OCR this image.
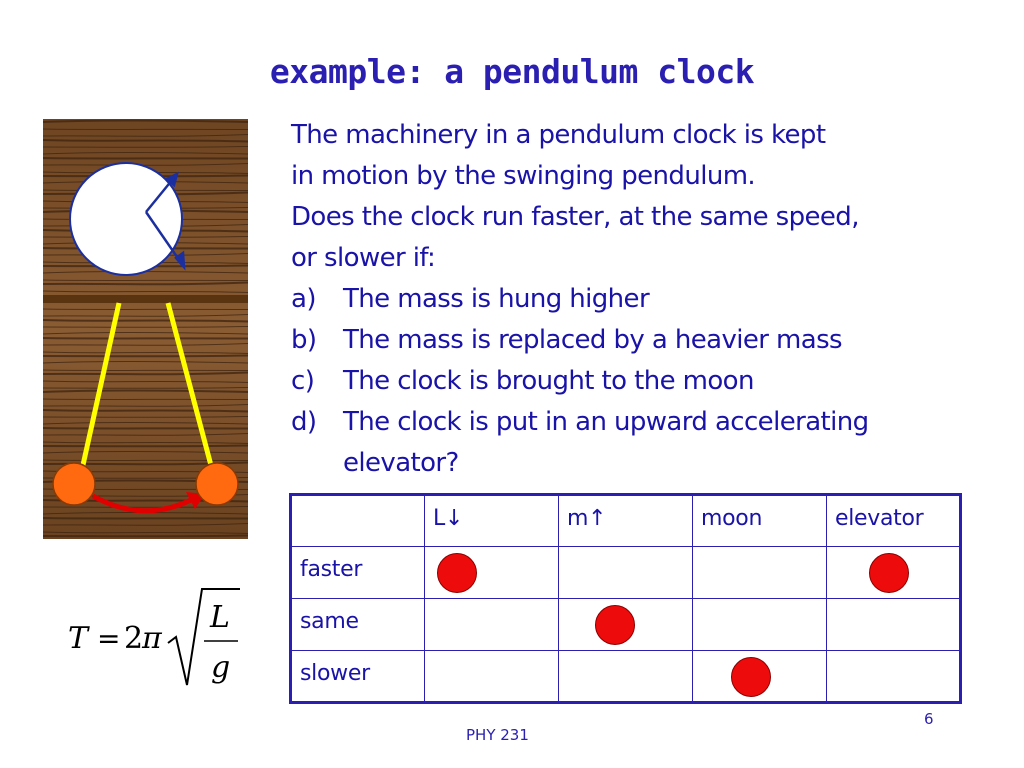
example: a pendulum clock

The machinery in a pendulum clock is kept

in motion by the swinging pendulum.

Does the clock run faster, at the same speed,

or slower if:

a) The mass is hung higher
b) The mass is replaced by a heavier mass
c) The clock is brought to the moon
d) The clock is put in an upward accelerating
elevator?
T = 2
π
L
g
	L↓	m↑	moon	elevator
faster	

same		

slower			

PHY 231
6
